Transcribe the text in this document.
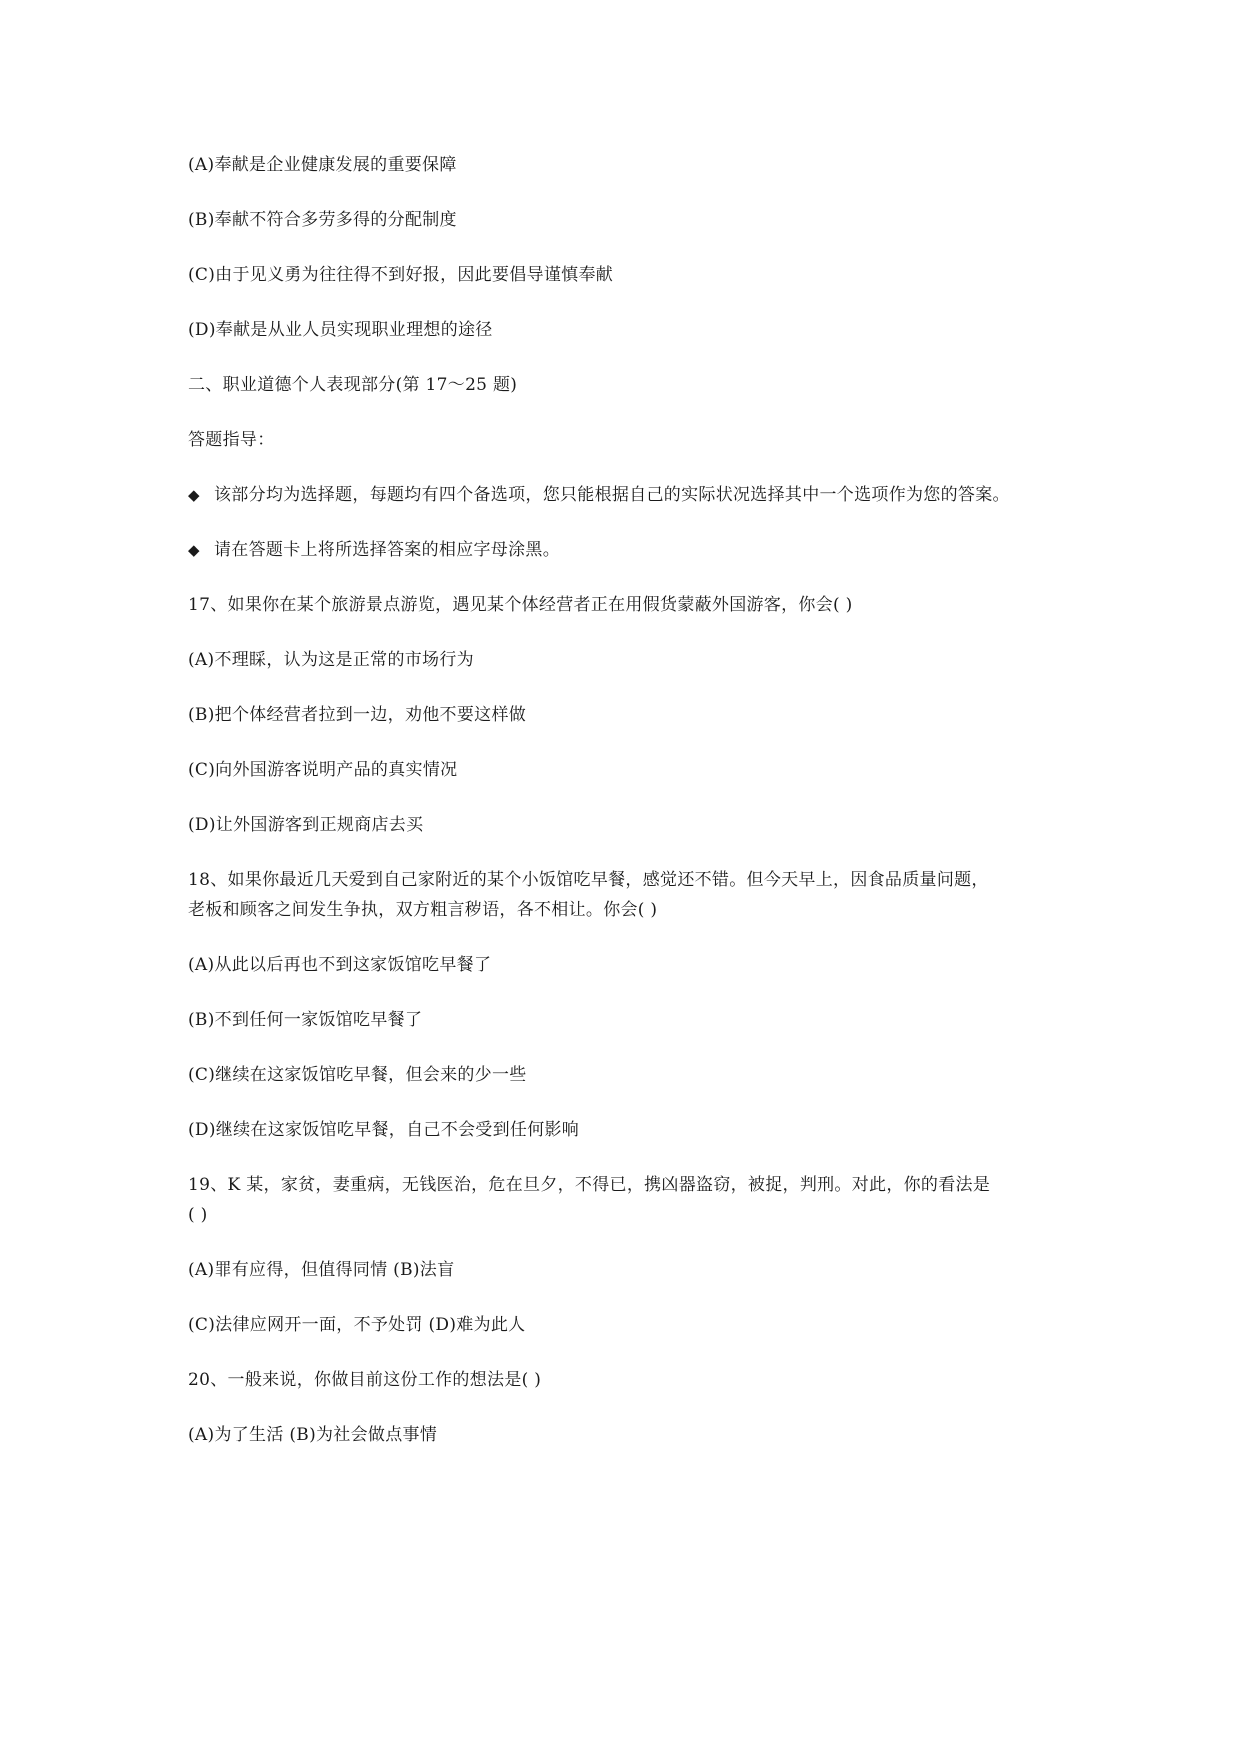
(A)奉献是企业健康发展的重要保障
(B)奉献不符合多劳多得的分配制度
(C)由于见义勇为往往得不到好报，因此要倡导谨慎奉献
(D)奉献是从业人员实现职业理想的途径
二、职业道德个人表现部分(第 17～25 题)
答题指导：
◆ 该部分均为选择题，每题均有四个备选项，您只能根据自己的实际状况选择其中一个选项作为您的答案。
◆ 请在答题卡上将所选择答案的相应字母涂黑。
17、如果你在某个旅游景点游览，遇见某个体经营者正在用假货蒙蔽外国游客，你会( )
(A)不理睬，认为这是正常的市场行为
(B)把个体经营者拉到一边，劝他不要这样做
(C)向外国游客说明产品的真实情况
(D)让外国游客到正规商店去买
18、如果你最近几天爱到自己家附近的某个小饭馆吃早餐，感觉还不错。但今天早上，因食品质量问题，
老板和顾客之间发生争执，双方粗言秽语，各不相让。你会( )
(A)从此以后再也不到这家饭馆吃早餐了
(B)不到任何一家饭馆吃早餐了
(C)继续在这家饭馆吃早餐，但会来的少一些
(D)继续在这家饭馆吃早餐，自己不会受到任何影响
19、K 某，家贫，妻重病，无钱医治，危在旦夕，不得已，携凶器盗窃，被捉，判刑。对此，你的看法是
( )
(A)罪有应得，但值得同情 (B)法盲
(C)法律应网开一面，不予处罚 (D)难为此人
20、一般来说，你做目前这份工作的想法是( )
(A)为了生活 (B)为社会做点事情
